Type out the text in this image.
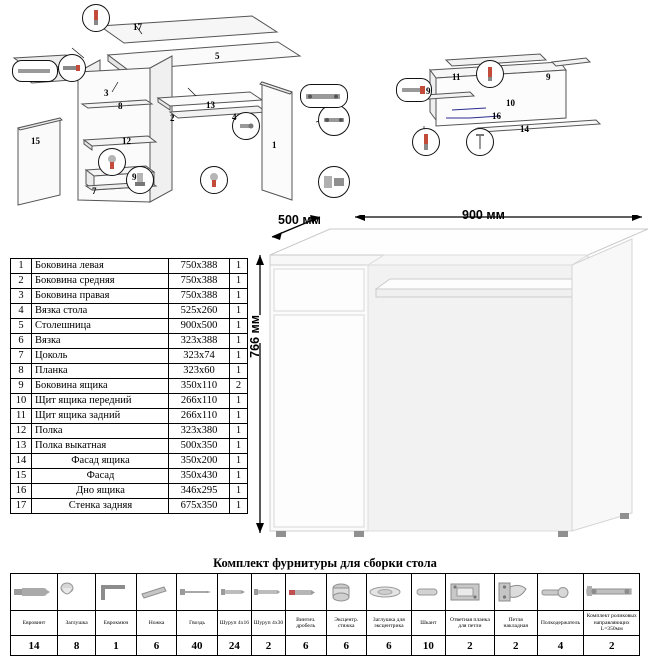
17
5
3
8	13
4
12
9
1
15
2
7
10
11
14
16
9
9
1	Боковина левая	750х388	1
2	Боковина средняя	750х388	1
3	Боковина правая	750х388	1
4	Вязка стола	525х260	1
5	Столешница	900х500	1
6	Вязка	323х388	1
7	Цоколь	323х74	1
8	Планка	323х60	1
9	Боковина ящика	350х110	2
10	Щит ящика передний	266х110	1
11	Щит ящика задний	266х110	1
12	Полка	323х380	1
13	Полка выкатная	500х350	1
14	Фасад ящика	350х200	1
15	Фасад	350х430	1
16	Дно ящика	346х295	1
17	Стенка задняя	675х350	1
900 мм
500 мм
766 мм
Комплект фурнитуры для сборки стола

Евровинт	Заглушка	Еврокмюч	Ножка	Гвоздь	Шуруп 4х16	Шуруп 4х30	Винтич. дробель	Эксцентр. стяжка	Заглушка для эксцентрика	Шкант	Ответная планка для петли	Петля накладная	Полкодержатель	Комплект роликовых направляющих L=350мм
14	8	1	6	40	24	2	6	6	6	10	2	2	4	2
